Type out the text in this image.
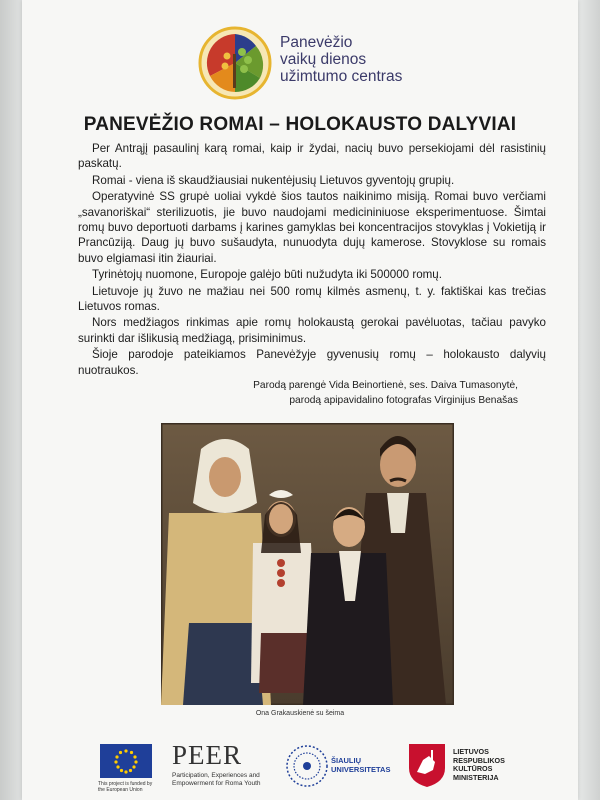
Panevėžio
vaikų dienos
užimtumo centras
PANEVĖŽIO ROMAI – HOLOKAUSTO DALYVIAI

Per Antrąjį pasaulinį karą romai, kaip ir žydai, nacių buvo persekiojami dėl rasistinių paskatų.

Romai - viena iš skaudžiausiai nukentėjusių Lietuvos gyventojų grupių.

Operatyvinė SS grupė uoliai vykdė šios tautos naikinimo misiją. Romai buvo verčiami „savanoriškai“ sterilizuotis, jie buvo naudojami medicininiuose eksperimentuose. Šimtai romų buvo deportuoti darbams į karines gamyklas bei koncentracijos stovyklas į Vokietiją ir Prancūziją. Daug jų buvo sušaudyta, nunuodyta dujų kamerose. Stovyklose su romais buvo elgiamasi itin žiauriai.

Tyrinėtojų nuomone, Europoje galėjo būti nužudyta iki 500000 romų.

Lietuvoje jų žuvo ne mažiau nei 500 romų kilmės asmenų, t. y. faktiškai kas trečias Lietuvos romas.

Nors medžiagos rinkimas apie romų holokaustą gerokai pavėluotas, tačiau pavyko surinkti dar išlikusią medžiagą, prisiminimus.

Šioje parodoje pateikiamos Panevėžyje gyvenusių romų – holokausto dalyvių nuotraukos.

Parodą parengė Vida Beinortienė, ses. Daiva Tumasonytė,
parodą apipavidalino fotografas Virginijus Benašas
Ona Grakauskienė su šeima
This project is funded by the European Union
PEER
Participation, Experiences and Empowerment for Roma Youth
ŠIAULIŲ
UNIVERSITETAS
LIETUVOS
RESPUBLIKOS
KULTŪROS
MINISTERIJA
